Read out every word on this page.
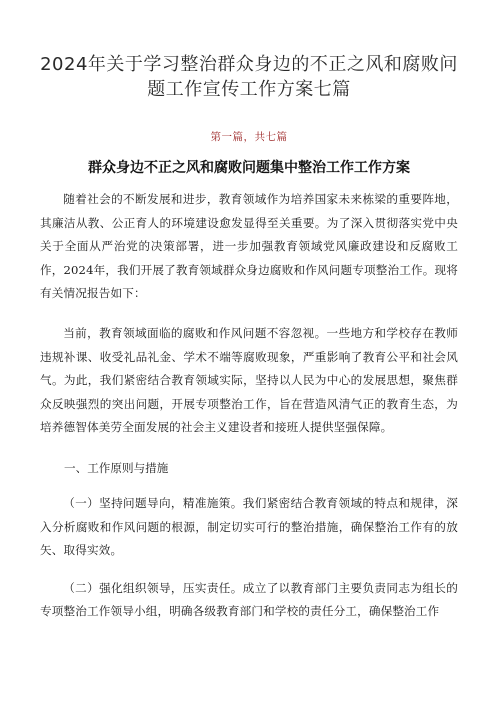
2024年关于学习整治群众身边的不正之风和腐败问
题工作宣传工作方案七篇
第一篇，共七篇
群众身边不正之风和腐败问题集中整治工作工作方案

随着社会的不断发展和进步，教育领域作为培养国家未来栋梁的重要阵地，其廉洁从教、公正育人的环境建设愈发显得至关重要。为了深入贯彻落实党中央关于全面从严治党的决策部署，进一步加强教育领域党风廉政建设和反腐败工作，2024年，我们开展了教育领域群众身边腐败和作风问题专项整治工作。现将有关情况报告如下：

当前，教育领域面临的腐败和作风问题不容忽视。一些地方和学校存在教师违规补课、收受礼品礼金、学术不端等腐败现象，严重影响了教育公平和社会风气。为此，我们紧密结合教育领域实际，坚持以人民为中心的发展思想，聚焦群众反映强烈的突出问题，开展专项整治工作，旨在营造风清气正的教育生态，为培养德智体美劳全面发展的社会主义建设者和接班人提供坚强保障。

一、工作原则与措施

（一）坚持问题导向，精准施策。我们紧密结合教育领域的特点和规律，深入分析腐败和作风问题的根源，制定切实可行的整治措施，确保整治工作有的放矢、取得实效。

（二）强化组织领导，压实责任。成立了以教育部门主要负责同志为组长的专项整治工作领导小组，明确各级教育部门和学校的责任分工，确保整治工作
